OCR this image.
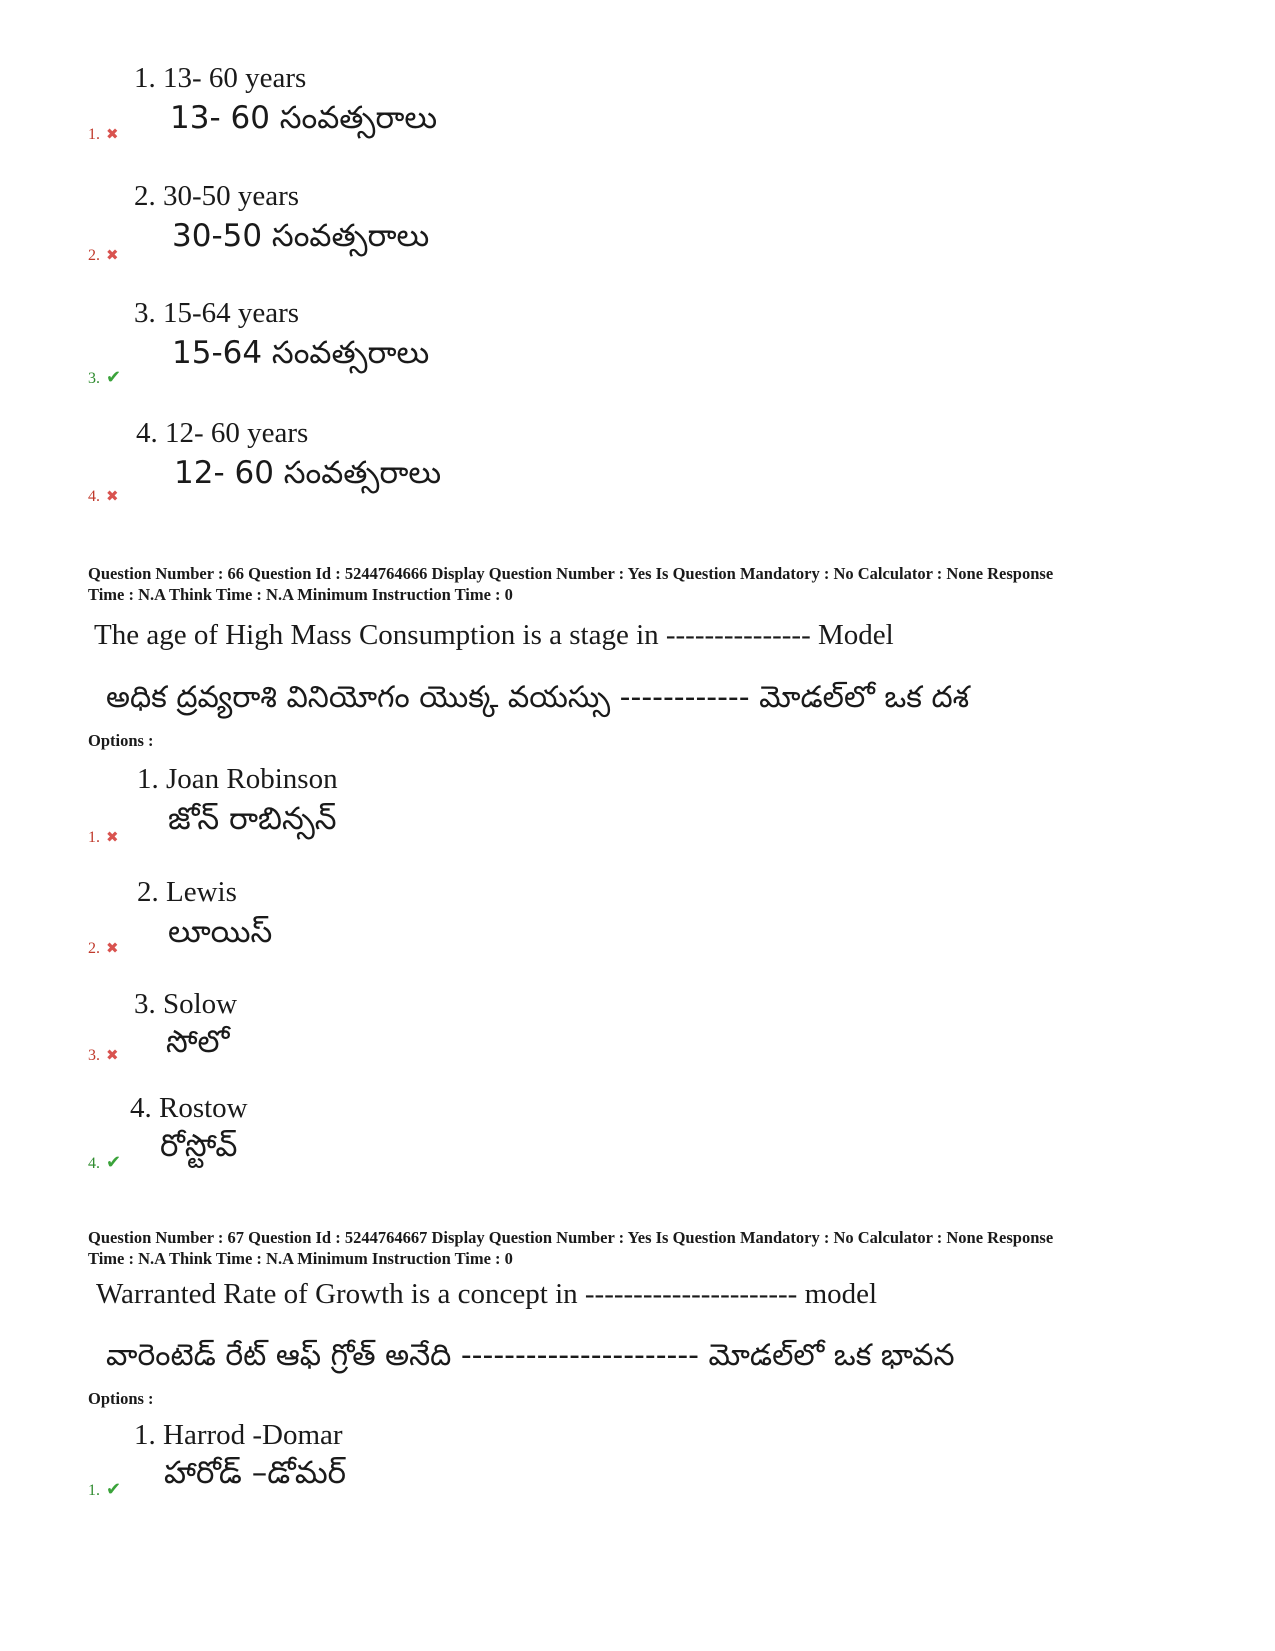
1. 13- 60 years
13- 60 సంవత్సరాలు
1. ✖
2. 30-50 years
30-50 సంవత్సరాలు
2. ✖
3. 15-64 years
15-64 సంవత్సరాలు
3. ✔
4. 12- 60 years
12- 60 సంవత్సరాలు
4. ✖
Question Number : 66 Question Id : 5244764666 Display Question Number : Yes Is Question Mandatory : No Calculator : None Response
Time : N.A Think Time : N.A Minimum Instruction Time : 0
The age of High Mass Consumption is a stage in --------------- Model
అధిక ద్రవ్యరాశి వినియోగం యొక్క వయస్సు ------------ మోడల్‌లో ఒక దశ
Options :
1. Joan Robinson
జోన్ రాబిన్సన్
1. ✖
2. Lewis
లూయిస్
2. ✖
3. Solow
సోలో
3. ✖
4. Rostow
రోస్టోవ్
4. ✔
Question Number : 67 Question Id : 5244764667 Display Question Number : Yes Is Question Mandatory : No Calculator : None Response
Time : N.A Think Time : N.A Minimum Instruction Time : 0
Warranted Rate of Growth is a concept in ---------------------- model
వారెంటెడ్ రేట్ ఆఫ్ గ్రోత్ అనేది ---------------------- మోడల్‌లో ఒక భావన
Options :
1. Harrod -Domar
హారోడ్ –డోమర్
1. ✔
